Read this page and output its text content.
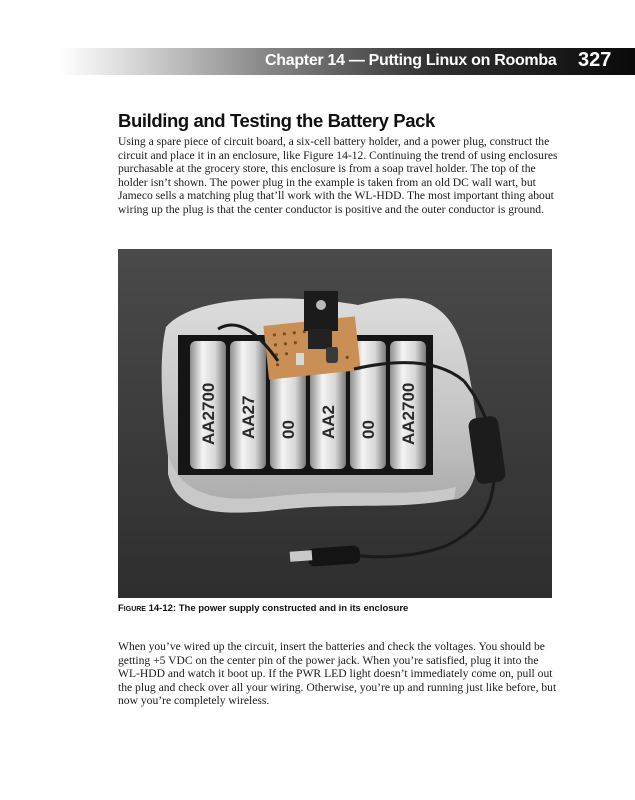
Chapter 14 — Putting Linux on Roomba 327
Building and Testing the Battery Pack

Using a spare piece of circuit board, a six-cell battery holder, and a power plug, construct the circuit and place it in an enclosure, like Figure 14-12. Continuing the trend of using enclosures purchasable at the grocery store, this enclosure is from a soap travel holder. The top of the holder isn’t shown. The power plug in the example is taken from an old DC wall wart, but Jameco sells a matching plug that’ll work with the WL-HDD. The most important thing about wiring up the plug is that the center conductor is positive and the outer conductor is ground.

AA2700 AA27 00 AA2 00 AA2700

Figure 14-12: The power supply constructed and in its enclosure

When you’ve wired up the circuit, insert the batteries and check the voltages. You should be getting +5 VDC on the center pin of the power jack. When you’re satisfied, plug it into the WL-HDD and watch it boot up. If the PWR LED light doesn’t immediately come on, pull out the plug and check over all your wiring. Otherwise, you’re up and running just like before, but now you’re completely wireless.
